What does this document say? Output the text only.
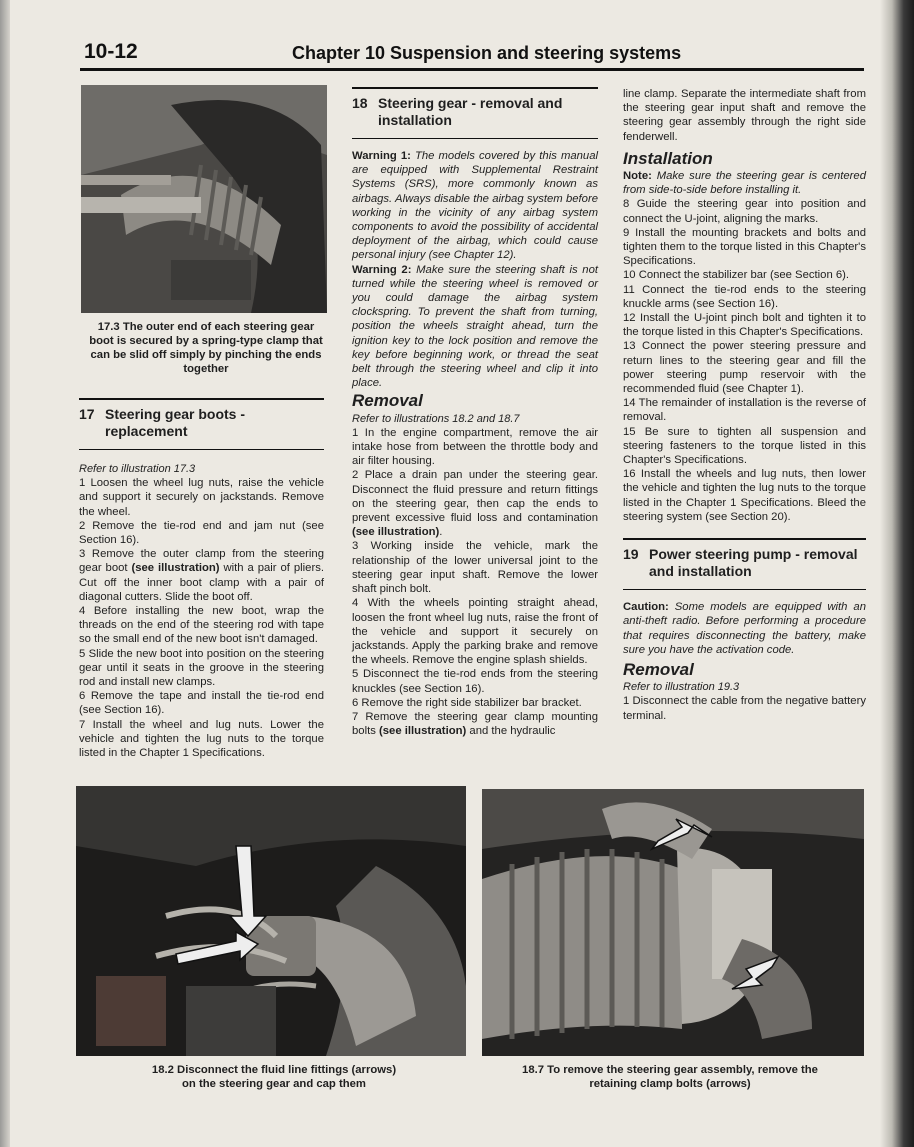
10-12	Chapter 10 Suspension and steering systems
17.3 The outer end of each steering gear boot is secured by a spring-type clamp that can be slid off simply by pinching the ends together
17 Steering gear boots - replacement

Refer to illustration 17.3

1 Loosen the wheel lug nuts, raise the vehicle and support it securely on jackstands. Remove the wheel.

2 Remove the tie-rod end and jam nut (see Section 16).

3 Remove the outer clamp from the steering gear boot (see illustration) with a pair of pliers. Cut off the inner boot clamp with a pair of diagonal cutters. Slide the boot off.

4 Before installing the new boot, wrap the threads on the end of the steering rod with tape so the small end of the new boot isn't damaged.

5 Slide the new boot into position on the steering gear until it seats in the groove in the steering rod and install new clamps.

6 Remove the tape and install the tie-rod end (see Section 16).

7 Install the wheel and lug nuts. Lower the vehicle and tighten the lug nuts to the torque listed in the Chapter 1 Specifications.

18 Steering gear - removal and installation

Warning 1: The models covered by this manual are equipped with Supplemental Restraint Systems (SRS), more commonly known as airbags. Always disable the airbag system before working in the vicinity of any airbag system components to avoid the possibility of accidental deployment of the airbag, which could cause personal injury (see Chapter 12).

Warning 2: Make sure the steering shaft is not turned while the steering wheel is removed or you could damage the airbag system clockspring. To prevent the shaft from turning, position the wheels straight ahead, turn the ignition key to the lock position and remove the key before beginning work, or thread the seat belt through the steering wheel and clip it into place.

Removal

Refer to illustrations 18.2 and 18.7

1 In the engine compartment, remove the air intake hose from between the throttle body and air filter housing.

2 Place a drain pan under the steering gear. Disconnect the fluid pressure and return fittings on the steering gear, then cap the ends to prevent excessive fluid loss and contamination (see illustration).

3 Working inside the vehicle, mark the relationship of the lower universal joint to the steering gear input shaft. Remove the lower shaft pinch bolt.

4 With the wheels pointing straight ahead, loosen the front wheel lug nuts, raise the front of the vehicle and support it securely on jackstands. Apply the parking brake and remove the wheels. Remove the engine splash shields.

5 Disconnect the tie-rod ends from the steering knuckles (see Section 16).

6 Remove the right side stabilizer bar bracket.

7 Remove the steering gear clamp mounting bolts (see illustration) and the hydraulic

line clamp. Separate the intermediate shaft from the steering gear input shaft and remove the steering gear assembly through the right side fenderwell.

Installation

Note: Make sure the steering gear is centered from side-to-side before installing it.

8 Guide the steering gear into position and connect the U-joint, aligning the marks.

9 Install the mounting brackets and bolts and tighten them to the torque listed in this Chapter's Specifications.

10 Connect the stabilizer bar (see Section 6).

11 Connect the tie-rod ends to the steering knuckle arms (see Section 16).

12 Install the U-joint pinch bolt and tighten it to the torque listed in this Chapter's Specifications.

13 Connect the power steering pressure and return lines to the steering gear and fill the power steering pump reservoir with the recommended fluid (see Chapter 1).

14 The remainder of installation is the reverse of removal.

15 Be sure to tighten all suspension and steering fasteners to the torque listed in this Chapter's Specifications.

16 Install the wheels and lug nuts, then lower the vehicle and tighten the lug nuts to the torque listed in the Chapter 1 Specifications. Bleed the steering system (see Section 20).

19 Power steering pump - removal and installation

Caution: Some models are equipped with an anti-theft radio. Before performing a procedure that requires disconnecting the battery, make sure you have the activation code.

Removal

Refer to illustration 19.3

1 Disconnect the cable from the negative battery terminal.

18.2 Disconnect the fluid line fittings (arrows)
on the steering gear and cap them
18.7 To remove the steering gear assembly, remove the
retaining clamp bolts (arrows)
